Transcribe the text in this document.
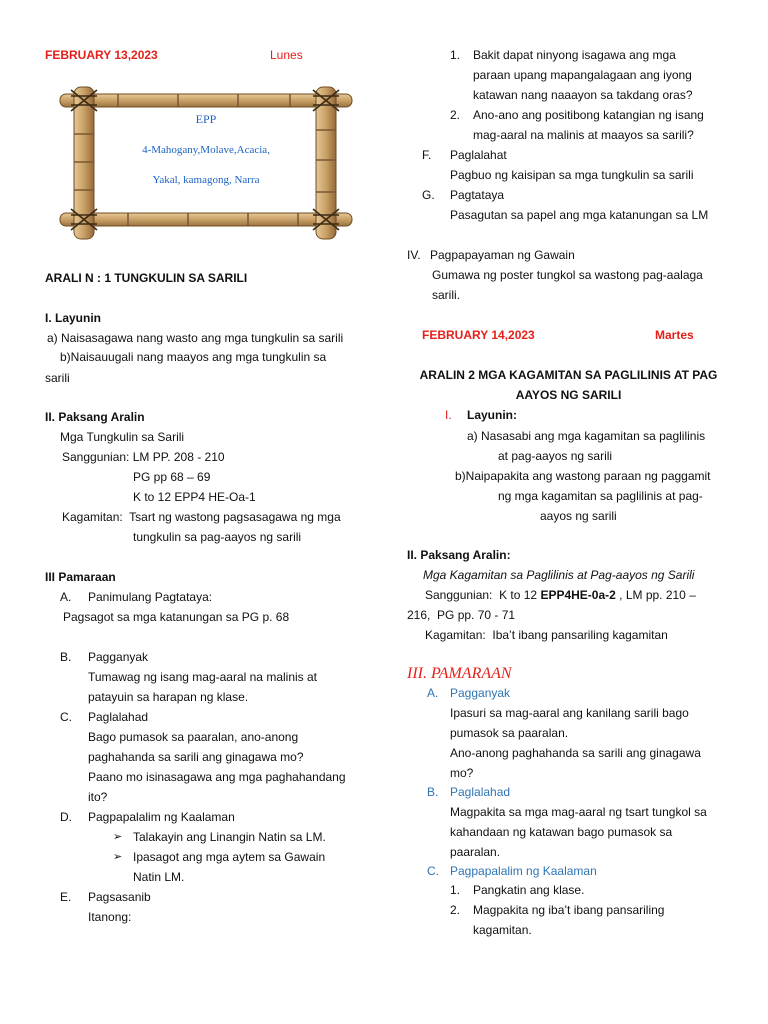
FEBRUARY 13,2023	Lunes
EPP
4-Mahogany,Molave,Acacia,
Yakal, kamagong, Narra
ARALI N : 1 TUNGKULIN SA SARILI
I. Layunin
a) Naisasagawa nang wasto ang mga tungkulin sa sarili
b)Naisauugali nang maayos ang mga tungkulin sa
sarili
II. Paksang Aralin
Mga Tungkulin sa Sarili
Sanggunian: LM PP. 208 - 210
PG pp 68 – 69
K to 12 EPP4 HE-Oa-1
Kagamitan:  Tsart ng wastong pagsasagawa ng mga
tungkulin sa pag-aayos ng sarili
III Pamaraan
A. Panimulang Pagtataya:
Pagsagot sa mga katanungan sa PG p. 68
B. Pagganyak
Tumawag ng isang mag-aaral na malinis at
patayuin sa harapan ng klase.
C. Paglalahad
Bago pumasok sa paaralan, ano-anong
paghahanda sa sarili ang ginagawa mo?
Paano mo isinasagawa ang mga paghahandang
ito?
D. Pagpapalalim ng Kaalaman
➢ Talakayin ang Linangin Natin sa LM.
➢ Ipasagot ang mga aytem sa Gawain
Natin LM.
E. Pagsasanib
Itanong:
1. Bakit dapat ninyong isagawa ang mga
paraan upang mapangalagaan ang iyong
katawan nang naaayon sa takdang oras?
2. Ano-ano ang positibong katangian ng isang
mag-aaral na malinis at maayos sa sarili?
F. Paglalahat
Pagbuo ng kaisipan sa mga tungkulin sa sarili
G. Pagtataya
Pasagutan sa papel ang mga katanungan sa LM
IV. Pagpapayaman ng Gawain
Gumawa ng poster tungkol sa wastong pag-aalaga
sarili.
FEBRUARY 14,2023	Martes
ARALIN 2 MGA KAGAMITAN SA PAGLILINIS AT PAG
AAYOS NG SARILI
I. Layunin:
a) Nasasabi ang mga kagamitan sa paglilinis
at pag-aayos ng sarili
b)Naipapakita ang wastong paraan ng paggamit
ng mga kagamitan sa paglilinis at pag-
aayos ng sarili
II. Paksang Aralin:
Mga Kagamitan sa Paglilinis at Pag-aayos ng Sarili
Sanggunian:  K to 12 EPP4HE-0a-2 , LM pp. 210 –
216,  PG pp. 70 - 71
Kagamitan:  Iba’t ibang pansariling kagamitan
III. PAMARAAN
A. Pagganyak
Ipasuri sa mag-aaral ang kanilang sarili bago
pumasok sa paaralan.
Ano-anong paghahanda sa sarili ang ginagawa
mo?
B. Paglalahad
Magpakita sa mga mag-aaral ng tsart tungkol sa
kahandaan ng katawan bago pumasok sa
paaralan.
C. Pagpapalalim ng Kaalaman
1. Pangkatin ang klase.
2. Magpakita ng iba’t ibang pansariling
kagamitan.
